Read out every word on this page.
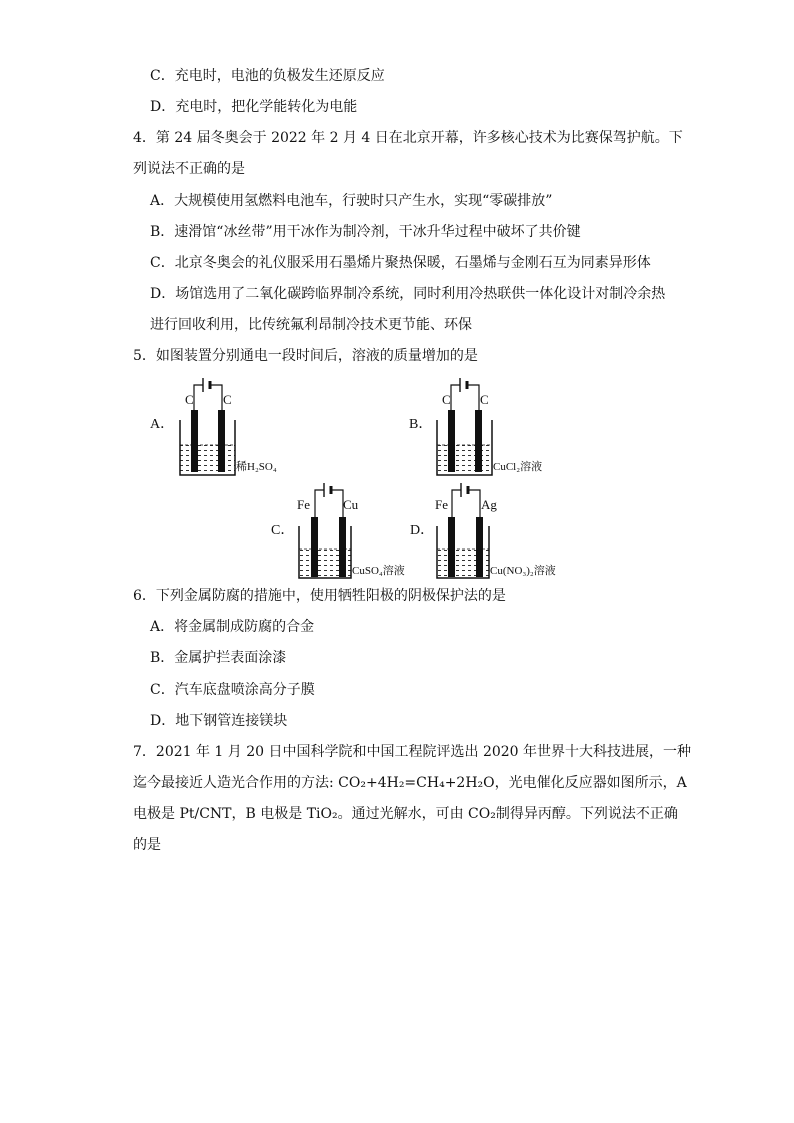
C．充电时，电池的负极发生还原反应
D．充电时，把化学能转化为电能
4．第 24 届冬奥会于 2022 年 2 月 4 日在北京开幕，许多核心技术为比赛保驾护航。下
列说法不正确的是
A．大规模使用氢燃料电池车，行驶时只产生水，实现“零碳排放”
B．速滑馆“冰丝带”用干冰作为制冷剂，干冰升华过程中破坏了共价键
C．北京冬奥会的礼仪服采用石墨烯片聚热保暖，石墨烯与金刚石互为同素异形体
D．场馆选用了二氧化碳跨临界制冷系统，同时利用冷热联供一体化设计对制冷余热
进行回收利用，比传统氟利昂制冷技术更节能、环保
5．如图装置分别通电一段时间后，溶液的质量增加的是
A．
C C
稀H₂SO₄
B．
C C
CuCl₂溶液
C．
Fe	Cu
CuSO₄溶液
D．
Fe	Ag
Cu(NO₃)₂溶液
6．下列金属防腐的措施中，使用牺牲阳极的阴极保护法的是
A．将金属制成防腐的合金
B．金属护拦表面涂漆
C．汽车底盘喷涂高分子膜
D．地下钢管连接镁块
7．2021 年 1 月 20 日中国科学院和中国工程院评选出 2020 年世界十大科技进展，一种
迄今最接近人造光合作用的方法: CO₂+4H₂=CH₄+2H₂O，光电催化反应器如图所示，A
电极是 Pt/CNT，B 电极是 TiO₂。通过光解水，可由 CO₂制得异丙醇。下列说法不正确
的是
